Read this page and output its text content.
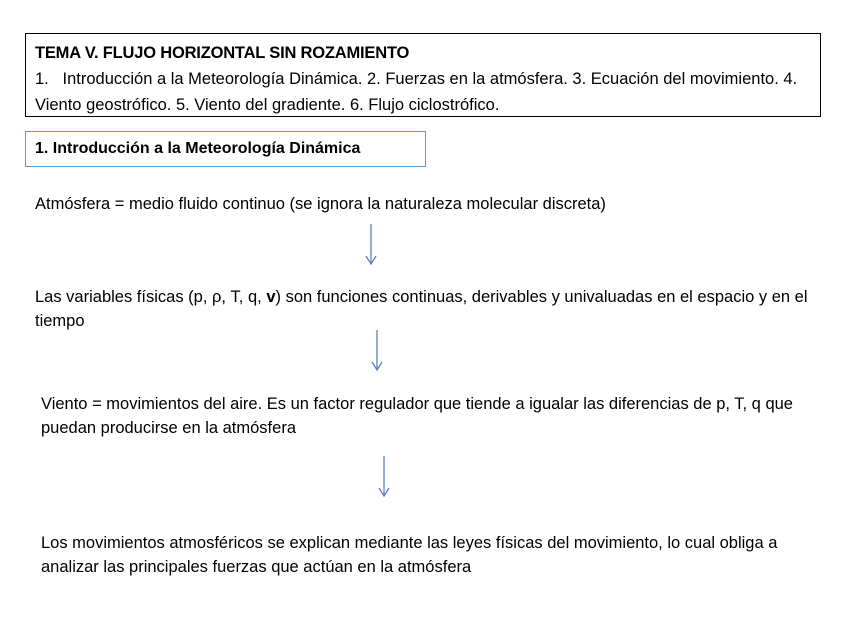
TEMA V. FLUJO HORIZONTAL SIN ROZAMIENTO
1.   Introducción a la Meteorología Dinámica. 2. Fuerzas en la atmósfera. 3. Ecuación del movimiento. 4. Viento geostrófico. 5. Viento del gradiente. 6. Flujo ciclostrófico.
1. Introducción a la Meteorología Dinámica
Atmósfera = medio fluido continuo (se ignora la naturaleza molecular discreta)
Las variables físicas (p, ρ, T, q, v) son funciones continuas, derivables y univaluadas en el espacio y en el tiempo
Viento = movimientos del aire. Es un factor regulador que tiende a igualar las diferencias de p, T, q que puedan producirse en la atmósfera
Los movimientos atmosféricos se explican mediante las leyes físicas del movimiento, lo cual obliga a analizar las principales fuerzas que actúan en la atmósfera
